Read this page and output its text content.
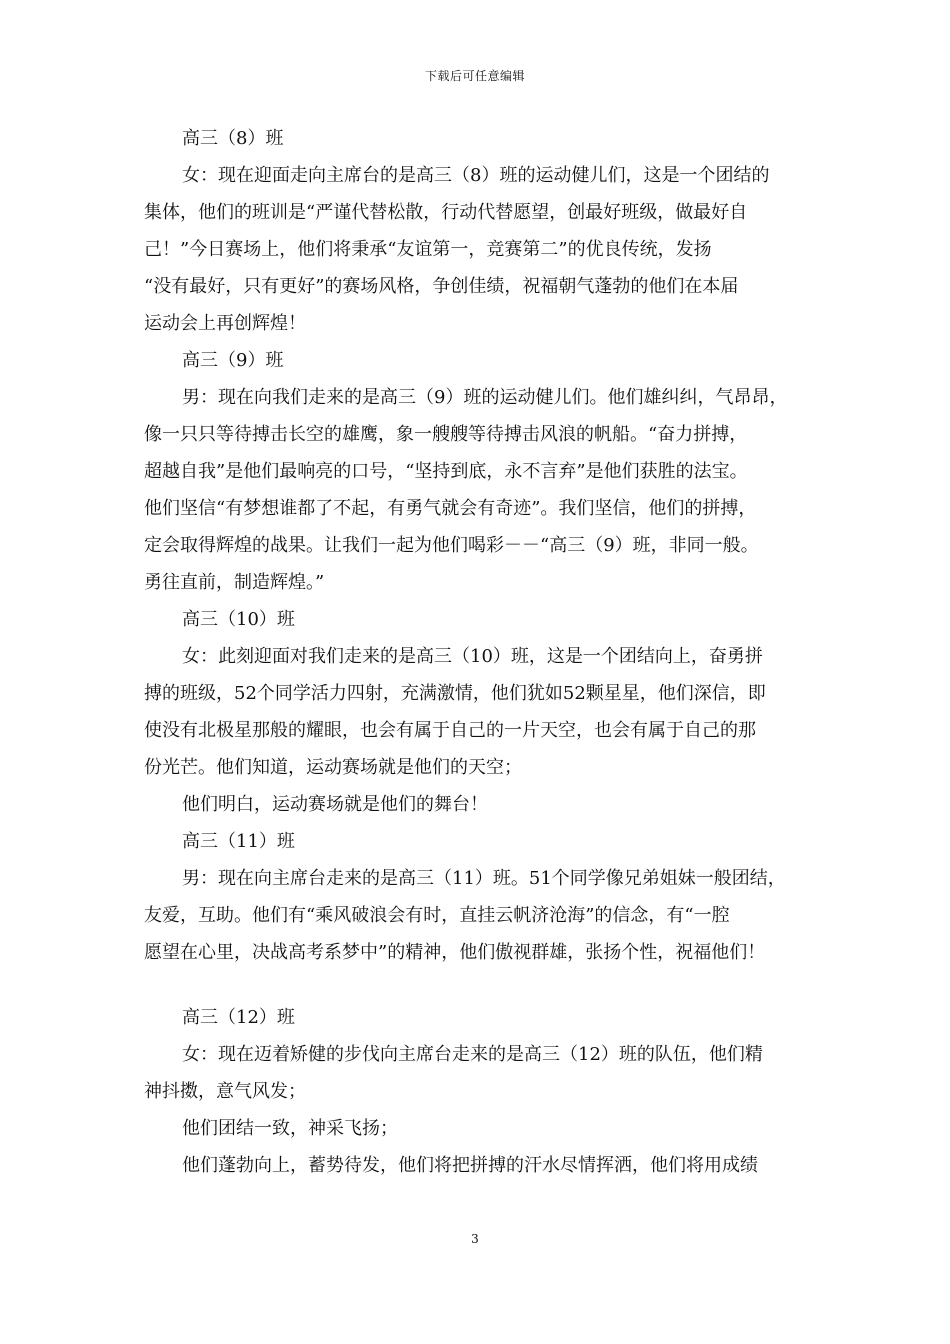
下载后可任意编辑
高三（8）班
女：现在迎面走向主席台的是高三（8）班的运动健儿们，这是一个团结的
集体，他们的班训是“严谨代替松散，行动代替愿望，创最好班级，做最好自
己！”今日赛场上，他们将秉承“友谊第一，竞赛第二”的优良传统，发扬
“没有最好，只有更好”的赛场风格，争创佳绩，祝福朝气蓬勃的他们在本届
运动会上再创辉煌！
高三（9）班
男：现在向我们走来的是高三（9）班的运动健儿们。他们雄纠纠，气昂昂，
像一只只等待搏击长空的雄鹰，象一艘艘等待搏击风浪的帆船。“奋力拼搏，
超越自我”是他们最响亮的口号，“坚持到底，永不言弃”是他们获胜的法宝。
他们坚信“有梦想谁都了不起，有勇气就会有奇迹”。我们坚信，他们的拼搏，
定会取得辉煌的战果。让我们一起为他们喝彩－－“高三（9）班，非同一般。
勇往直前，制造辉煌。”
高三（10）班
女：此刻迎面对我们走来的是高三（10）班，这是一个团结向上，奋勇拼
搏的班级，52个同学活力四射，充满激情，他们犹如52颗星星，他们深信，即
使没有北极星那般的耀眼，也会有属于自己的一片天空，也会有属于自己的那
份光芒。他们知道，运动赛场就是他们的天空；
他们明白，运动赛场就是他们的舞台！
高三（11）班
男：现在向主席台走来的是高三（11）班。51个同学像兄弟姐妹一般团结，
友爱，互助。他们有“乘风破浪会有时，直挂云帆济沧海”的信念，有“一腔
愿望在心里，决战高考系梦中”的精神，他们傲视群雄，张扬个性，祝福他们！
高三（12）班
女：现在迈着矫健的步伐向主席台走来的是高三（12）班的队伍，他们精
神抖擞，意气风发；
他们团结一致，神采飞扬；
他们蓬勃向上，蓄势待发，他们将把拼搏的汗水尽情挥洒，他们将用成绩
3
